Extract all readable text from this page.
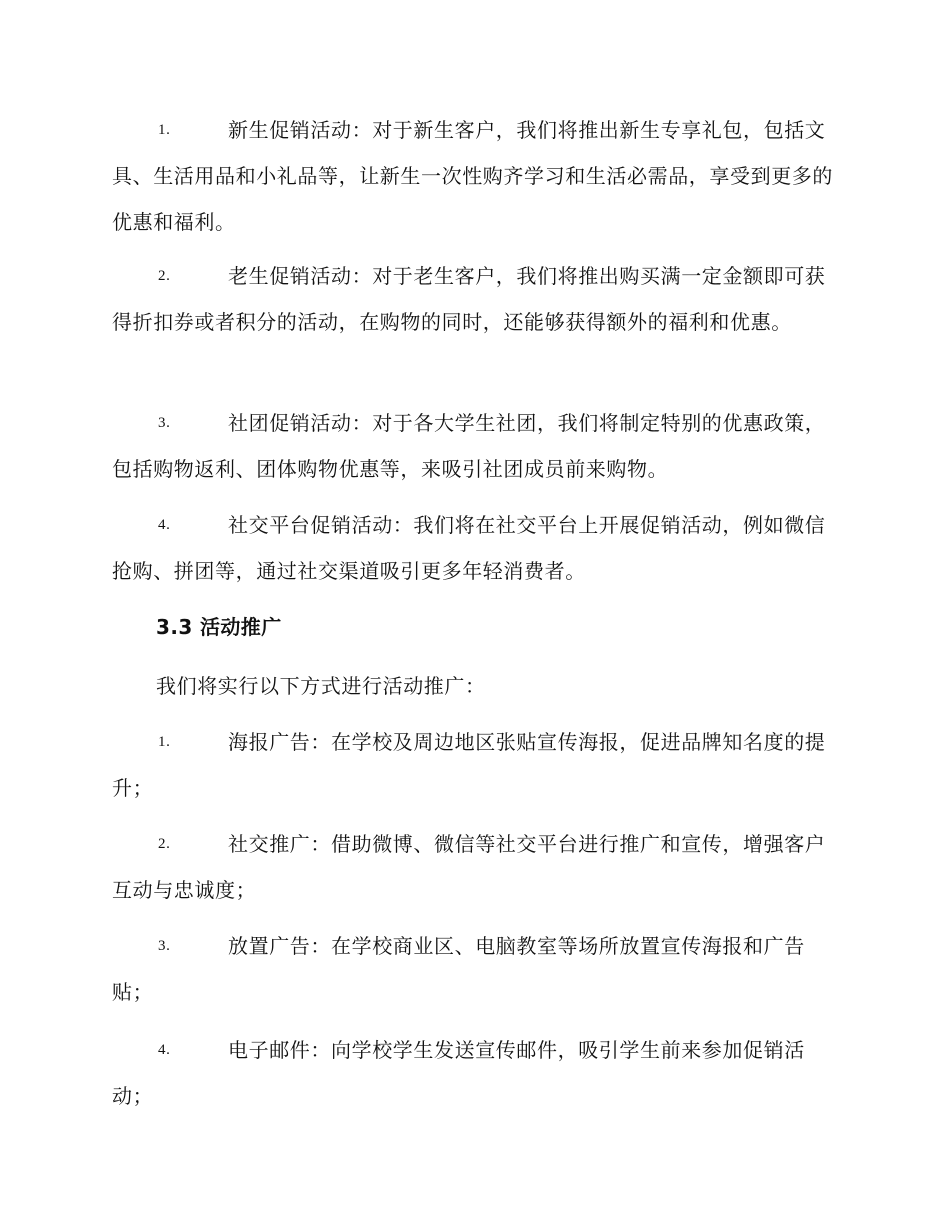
1.	新生促销活动：对于新生客户，我们将推出新生专享礼包，包括文具、生活用品和小礼品等，让新生一次性购齐学习和生活必需品，享受到更多的优惠和福利。
2.	老生促销活动：对于老生客户，我们将推出购买满一定金额即可获得折扣券或者积分的活动，在购物的同时，还能够获得额外的福利和优惠。
3.	社团促销活动：对于各大学生社团，我们将制定特别的优惠政策，包括购物返利、团体购物优惠等，来吸引社团成员前来购物。
4.	社交平台促销活动：我们将在社交平台上开展促销活动，例如微信抢购、拼团等，通过社交渠道吸引更多年轻消费者。
3.3 活动推广
我们将实行以下方式进行活动推广：
1.	海报广告：在学校及周边地区张贴宣传海报，促进品牌知名度的提升；
2.	社交推广：借助微博、微信等社交平台进行推广和宣传，增强客户互动与忠诚度；
3.	放置广告：在学校商业区、电脑教室等场所放置宣传海报和广告贴；
4.	电子邮件：向学校学生发送宣传邮件，吸引学生前来参加促销活动；
